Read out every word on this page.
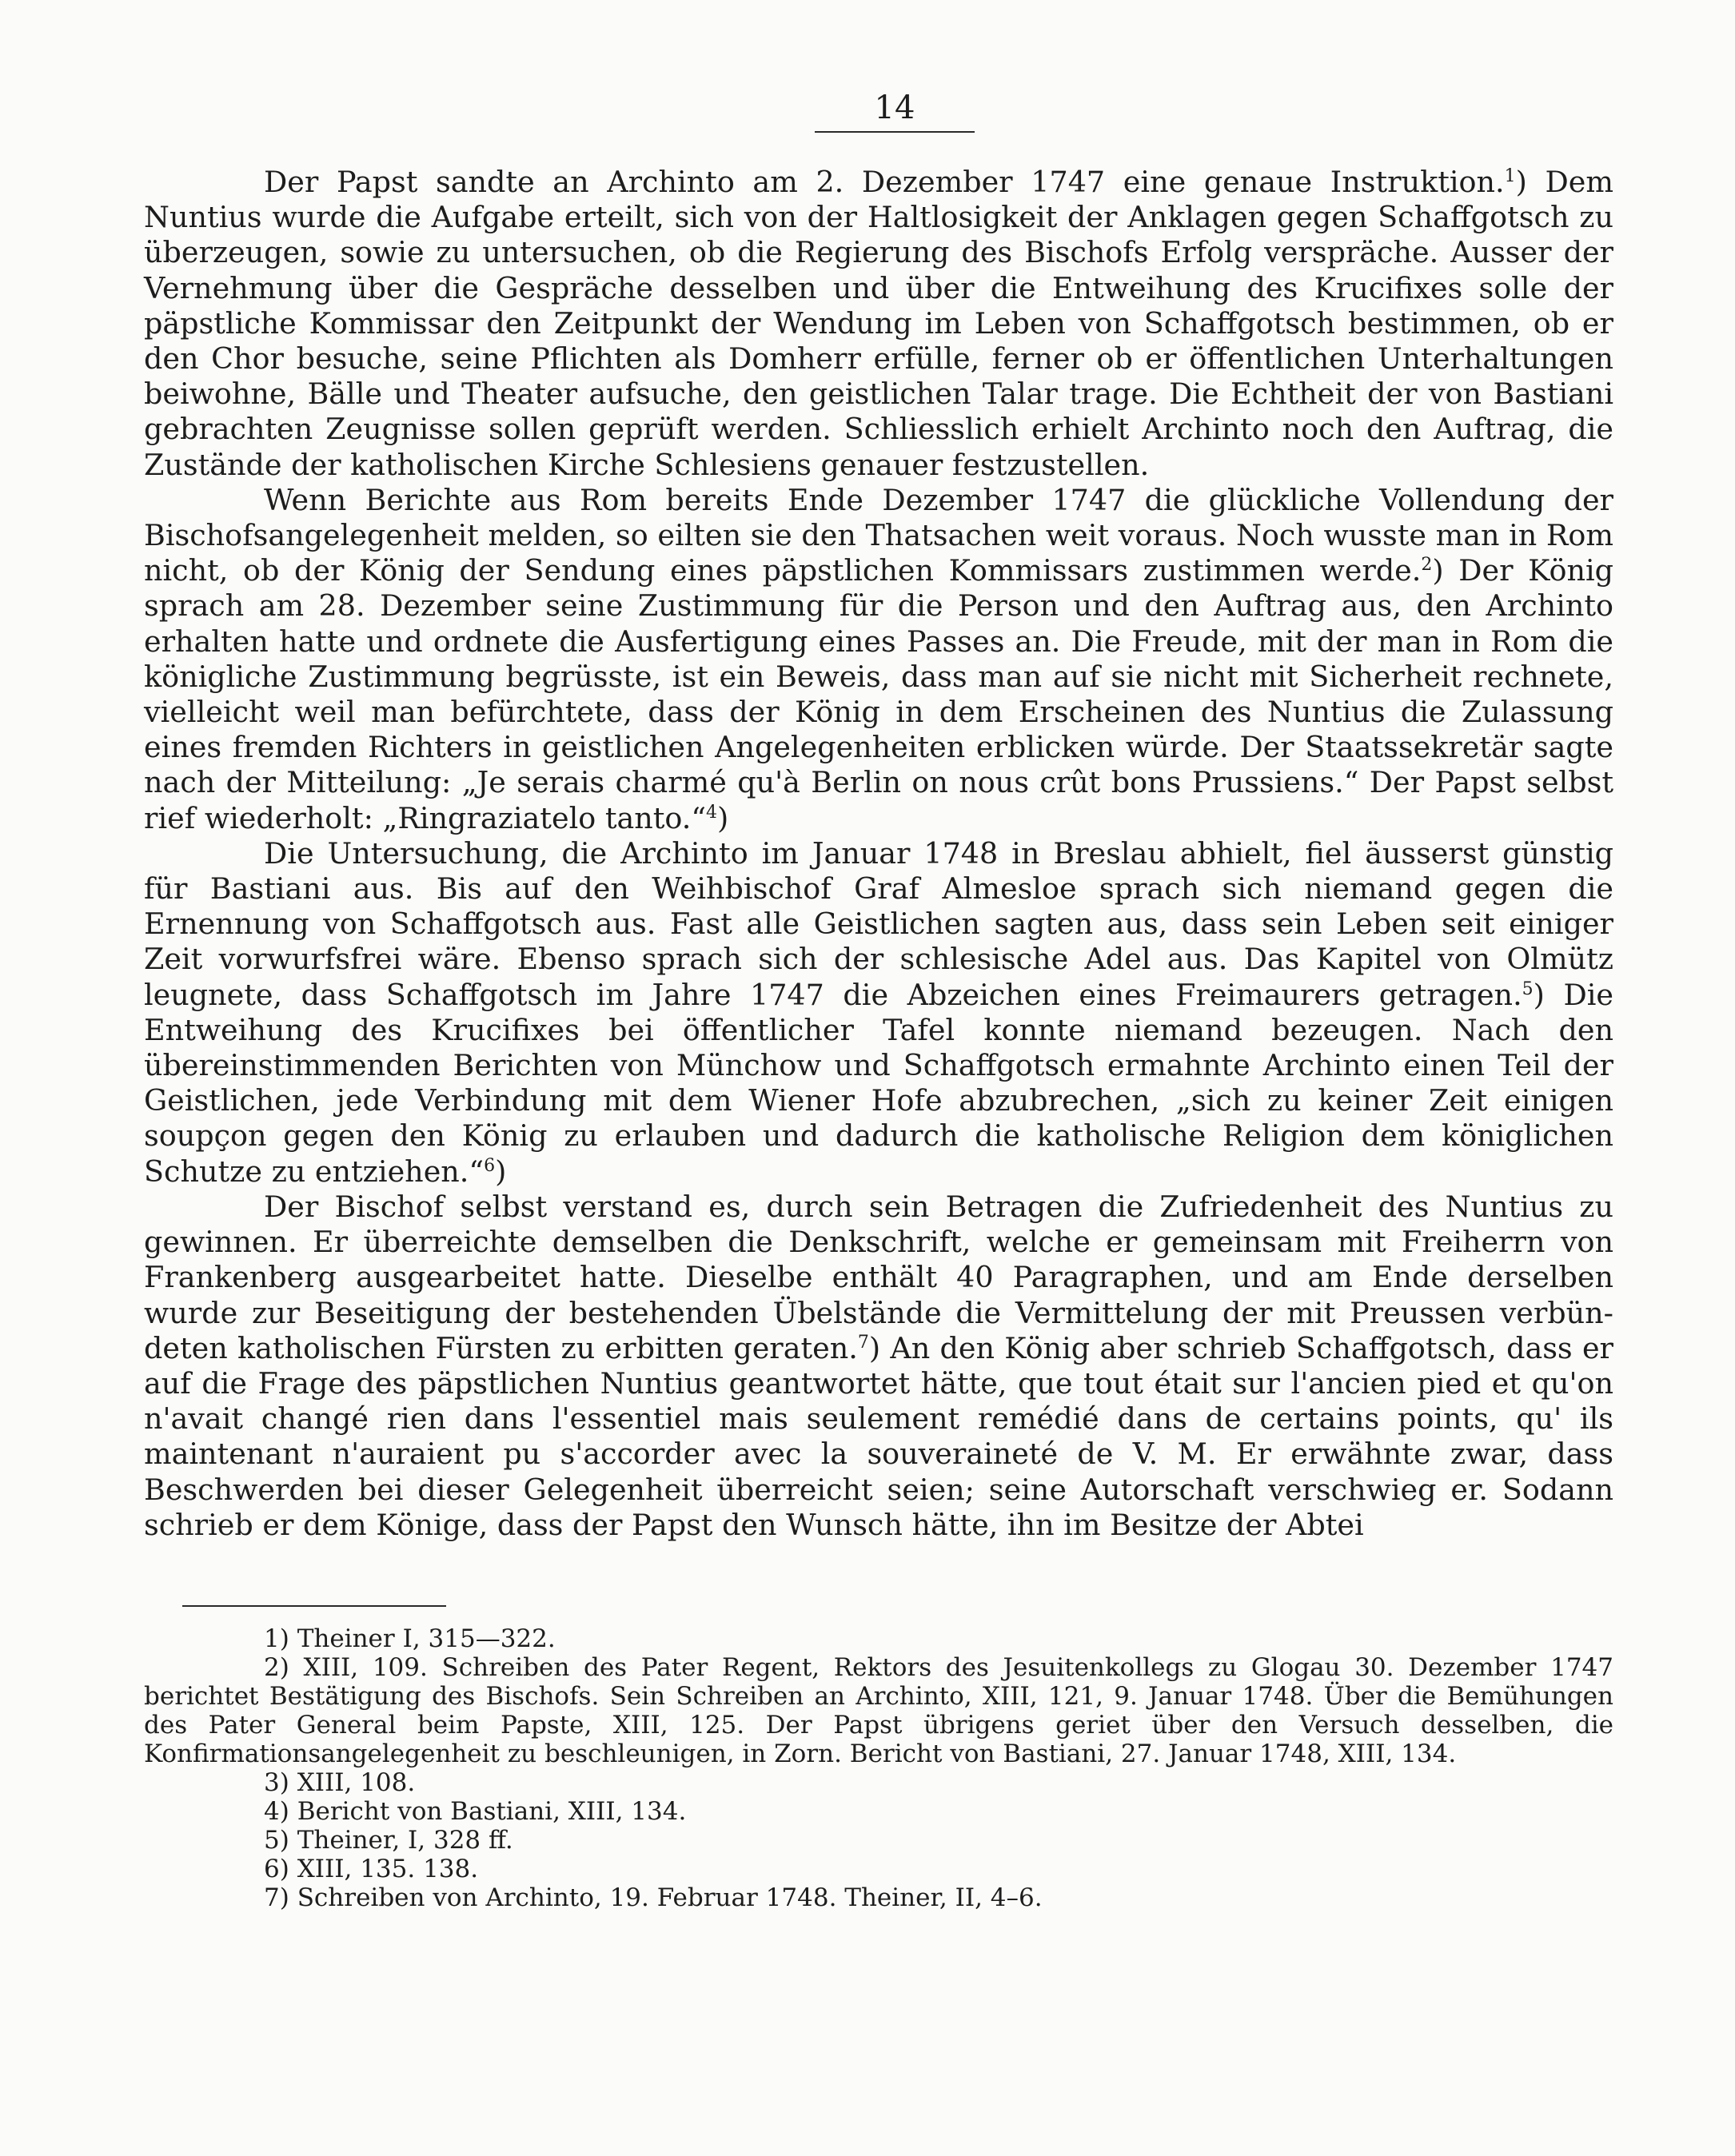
14

Der Papst sandte an Archinto am 2. Dezember 1747 eine genaue Instruktion.$^1$) Dem Nuntius wurde die Aufgabe erteilt, sich von der Haltlosigkeit der Anklagen gegen Schaffgotsch zu überzeugen, sowie zu untersuchen, ob die Regierung des Bischofs Erfolg verspräche. Ausser der Vernehmung über die Gespräche desselben und über die Entweihung des Krucifixes solle der päpstliche Kommissar den Zeitpunkt der Wendung im Leben von Schaffgotsch bestimmen, ob er den Chor besuche, seine Pflichten als Domherr erfülle, ferner ob er öffentlichen Unterhaltungen beiwohne, Bälle und Theater aufsuche, den geistlichen Talar trage. Die Echtheit der von Bastiani gebrachten Zeugnisse sollen geprüft werden. Schliesslich erhielt Archinto noch den Auftrag, die Zustände der katholischen Kirche Schlesiens genauer festzustellen.

Wenn Berichte aus Rom bereits Ende Dezember 1747 die glückliche Vollendung der Bischofsangelegenheit melden, so eilten sie den Thatsachen weit voraus. Noch wusste man in Rom nicht, ob der König der Sendung eines päpstlichen Kommissars zustimmen werde.$^2$) Der König sprach am 28. Dezember seine Zustimmung für die Person und den Auftrag aus, den Archinto erhalten hatte und ordnete die Ausfertigung eines Passes an. Die Freude, mit der man in Rom die königliche Zustimmung begrüsste, ist ein Beweis, dass man auf sie nicht mit Sicherheit rechnete, vielleicht weil man befürchtete, dass der König in dem Erscheinen des Nuntius die Zulassung eines fremden Richters in geistlichen Angelegenheiten erblicken würde. Der Staatssekretär sagte nach der Mitteilung: „Je serais charmé qu'à Berlin on nous crût bons Prussiens.“ Der Papst selbst rief wiederholt: „Ringraziatelo tanto.“$^4$)

Die Untersuchung, die Archinto im Januar 1748 in Breslau abhielt, fiel äusserst günstig für Bastiani aus. Bis auf den Weihbischof Graf Almesloe sprach sich niemand gegen die Ernennung von Schaffgotsch aus. Fast alle Geistlichen sagten aus, dass sein Leben seit einiger Zeit vorwurfsfrei wäre. Ebenso sprach sich der schlesische Adel aus. Das Kapitel von Olmütz leugnete, dass Schaffgotsch im Jahre 1747 die Abzeichen eines Freimaurers getragen.$^5$) Die Entweihung des Krucifixes bei öffentlicher Tafel konnte niemand bezeugen. Nach den übereinstimmenden Berichten von Münchow und Schaffgotsch ermahnte Archinto einen Teil der Geistlichen, jede Verbindung mit dem Wiener Hofe abzubrechen, „sich zu keiner Zeit einigen soupçon gegen den König zu erlauben und dadurch die katholische Religion dem königlichen Schutze zu entziehen.“$^6$)

Der Bischof selbst verstand es, durch sein Betragen die Zufriedenheit des Nuntius zu gewinnen. Er überreichte demselben die Denkschrift, welche er gemeinsam mit Freiherrn von Frankenberg ausgearbeitet hatte. Dieselbe enthält 40 Paragraphen, und am Ende derselben wurde zur Beseitigung der bestehenden Übelstände die Vermittelung der mit Preussen verbündeten katholischen Fürsten zu erbitten geraten.$^7$) An den König aber schrieb Schaffgotsch, dass er auf die Frage des päpstlichen Nuntius geantwortet hätte, que tout était sur l'ancien pied et qu'on n'avait changé rien dans l'essentiel mais seulement remédié dans de certains points, qu' ils maintenant n'auraient pu s'accorder avec la souveraineté de V. M. Er erwähnte zwar, dass Beschwerden bei dieser Gelegenheit überreicht seien; seine Autorschaft verschwieg er. Sodann schrieb er dem Könige, dass der Papst den Wunsch hätte, ihn im Besitze der Abtei

1) Theiner I, 315—322.

2) XIII, 109. Schreiben des Pater Regent, Rektors des Jesuitenkollegs zu Glogau 30. Dezember 1747 berichtet Bestätigung des Bischofs. Sein Schreiben an Archinto, XIII, 121, 9. Januar 1748. Über die Bemühungen des Pater General beim Papste, XIII, 125. Der Papst übrigens geriet über den Versuch desselben, die Konfirmationsangelegenheit zu beschleunigen, in Zorn. Bericht von Bastiani, 27. Januar 1748, XIII, 134.

3) XIII, 108.

4) Bericht von Bastiani, XIII, 134.

5) Theiner, I, 328 ff.

6) XIII, 135. 138.

7) Schreiben von Archinto, 19. Februar 1748. Theiner, II, 4–6.
